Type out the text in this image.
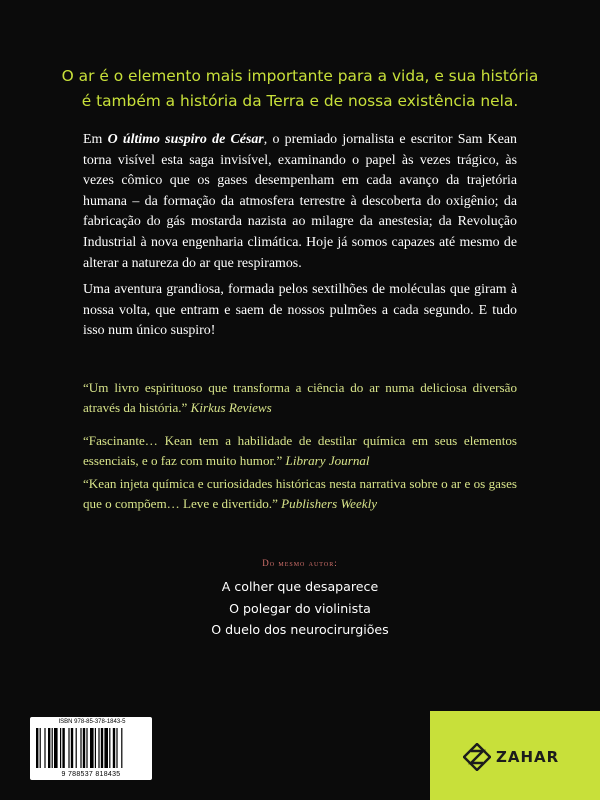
O ar é o elemento mais importante para a vida, e sua história
é também a história da Terra e de nossa existência nela.
Em O último suspiro de César, o premiado jornalista e escritor Sam Kean torna visível esta saga invisível, examinando o papel às vezes trágico, às vezes cômico que os gases desempenham em cada avanço da trajetória humana – da formação da atmosfera terrestre à descoberta do oxigênio; da fabricação do gás mostarda nazista ao milagre da anestesia; da Revolução Industrial à nova engenharia climática. Hoje já somos capazes até mesmo de alterar a natureza do ar que respiramos.
Uma aventura grandiosa, formada pelos sextilhões de moléculas que giram à nossa volta, que entram e saem de nossos pulmões a cada segundo. E tudo isso num único suspiro!
“Um livro espirituoso que transforma a ciência do ar numa deliciosa diversão através da história.” Kirkus Reviews
“Fascinante… Kean tem a habilidade de destilar química em seus elementos essenciais, e o faz com muito humor.” Library Journal
“Kean injeta química e curiosidades históricas nesta narrativa sobre o ar e os gases que o compõem… Leve e divertido.” Publishers Weekly
Do mesmo autor:
A colher que desaparece
O polegar do violinista
O duelo dos neurocirurgiões
ISBN 978-85-378-1843-5
9 788537 818435
ZAHAR
